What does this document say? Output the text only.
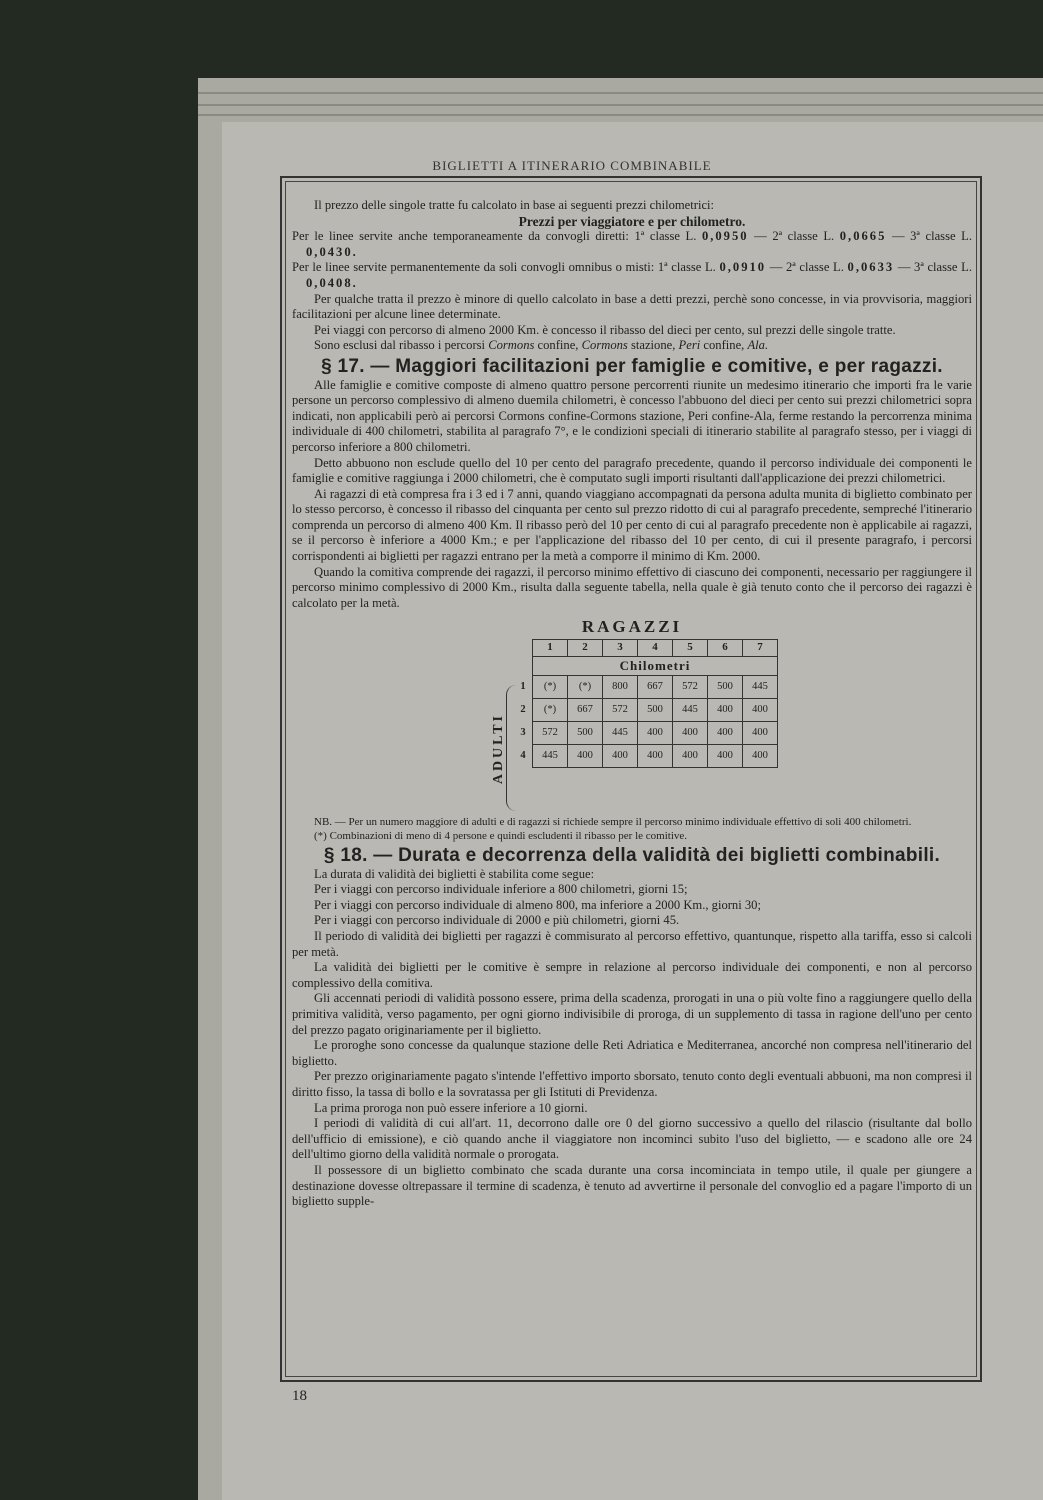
BIGLIETTI A ITINERARIO COMBINABILE

Il prezzo delle singole tratte fu calcolato in base ai seguenti prezzi chilometrici:

Prezzi per viaggiatore e per chilometro.

Per le linee servite anche temporaneamente da convogli diretti: 1ª classe L. 0,0950 — 2ª classe L. 0,0665 — 3ª classe L. 0,0430.

Per le linee servite permanentemente da soli convogli omnibus o misti: 1ª classe L. 0,0910 — 2ª classe L. 0,0633 — 3ª classe L. 0,0408.

Per qualche tratta il prezzo è minore di quello calcolato in base a detti prezzi, perchè sono concesse, in via provvisoria, maggiori facilitazioni per alcune linee determinate.

Pei viaggi con percorso di almeno 2000 Km. è concesso il ribasso del dieci per cento, sul prezzi delle singole tratte.

Sono esclusi dal ribasso i percorsi Cormons confine, Cormons stazione, Peri confine, Ala.

§ 17. — Maggiori facilitazioni per famiglie e comitive, e per ragazzi.

Alle famiglie e comitive composte di almeno quattro persone percorrenti riunite un medesimo itinerario che importi fra le varie persone un percorso complessivo di almeno duemila chilometri, è concesso l'abbuono del dieci per cento sui prezzi chilometrici sopra indicati, non applicabili però ai percorsi Cormons confine-Cormons stazione, Peri confine-Ala, ferme restando la percorrenza minima individuale di 400 chilometri, stabilita al paragrafo 7°, e le condizioni speciali di itinerario stabilite al paragrafo stesso, per i viaggi di percorso inferiore a 800 chilometri.

Detto abbuono non esclude quello del 10 per cento del paragrafo precedente, quando il percorso individuale dei componenti le famiglie e comitive raggiunga i 2000 chilometri, che è computato sugli importi risultanti dall'applicazione dei prezzi chilometrici.

Ai ragazzi di età compresa fra i 3 ed i 7 anni, quando viaggiano accompagnati da persona adulta munita di biglietto combinato per lo stesso percorso, è concesso il ribasso del cinquanta per cento sul prezzo ridotto di cui al paragrafo precedente, sempreché l'itinerario comprenda un percorso di almeno 400 Km. Il ribasso però del 10 per cento di cui al paragrafo precedente non è applicabile ai ragazzi, se il percorso è inferiore a 4000 Km.; e per l'applicazione del ribasso del 10 per cento, di cui il presente paragrafo, i percorsi corrispondenti ai biglietti per ragazzi entrano per la metà a comporre il minimo di Km. 2000.

Quando la comitiva comprende dei ragazzi, il percorso minimo effettivo di ciascuno dei componenti, necessario per raggiungere il percorso minimo complessivo di 2000 Km., risulta dalla seguente tabella, nella quale è già tenuto conto che il percorso dei ragazzi è calcolato per la metà.

RAGAZZI

ADULTI
	1	2	3	4	5	6	7
	Chilometri						
1	(*)	(*)	800	667	572	500	445
2	(*)	667	572	500	445	400	400
3	572	500	445	400	400	400	400
4	445	400	400	400	400	400	400

NB. — Per un numero maggiore di adulti e di ragazzi si richiede sempre il percorso minimo individuale effettivo di soli 400 chilometri.

(*) Combinazioni di meno di 4 persone e quindi escludenti il ribasso per le comitive.

§ 18. — Durata e decorrenza della validità dei biglietti combinabili.

La durata di validità dei biglietti è stabilita come segue:

Per i viaggi con percorso individuale inferiore a 800 chilometri, giorni 15;

Per i viaggi con percorso individuale di almeno 800, ma inferiore a 2000 Km., giorni 30;

Per i viaggi con percorso individuale di 2000 e più chilometri, giorni 45.

Il periodo di validità dei biglietti per ragazzi è commisurato al percorso effettivo, quantunque, rispetto alla tariffa, esso si calcoli per metà.

La validità dei biglietti per le comitive è sempre in relazione al percorso individuale dei componenti, e non al percorso complessivo della comitiva.

Gli accennati periodi di validità possono essere, prima della scadenza, prorogati in una o più volte fino a raggiungere quello della primitiva validità, verso pagamento, per ogni giorno indivisibile di proroga, di un supplemento di tassa in ragione dell'uno per cento del prezzo pagato originariamente per il biglietto.

Le proroghe sono concesse da qualunque stazione delle Reti Adriatica e Mediterranea, ancorché non compresa nell'itinerario del biglietto.

Per prezzo originariamente pagato s'intende l'effettivo importo sborsato, tenuto conto degli eventuali abbuoni, ma non compresi il diritto fisso, la tassa di bollo e la sovratassa per gli Istituti di Previdenza.

La prima proroga non può essere inferiore a 10 giorni.

I periodi di validità di cui all'art. 11, decorrono dalle ore 0 del giorno successivo a quello del rilascio (risultante dal bollo dell'ufficio di emissione), e ciò quando anche il viaggiatore non incominci subito l'uso del biglietto, — e scadono alle ore 24 dell'ultimo giorno della validità normale o prorogata.

Il possessore di un biglietto combinato che scada durante una corsa incominciata in tempo utile, il quale per giungere a destinazione dovesse oltrepassare il termine di scadenza, è tenuto ad avvertirne il personale del convoglio ed a pagare l'importo di un biglietto supple-

18
